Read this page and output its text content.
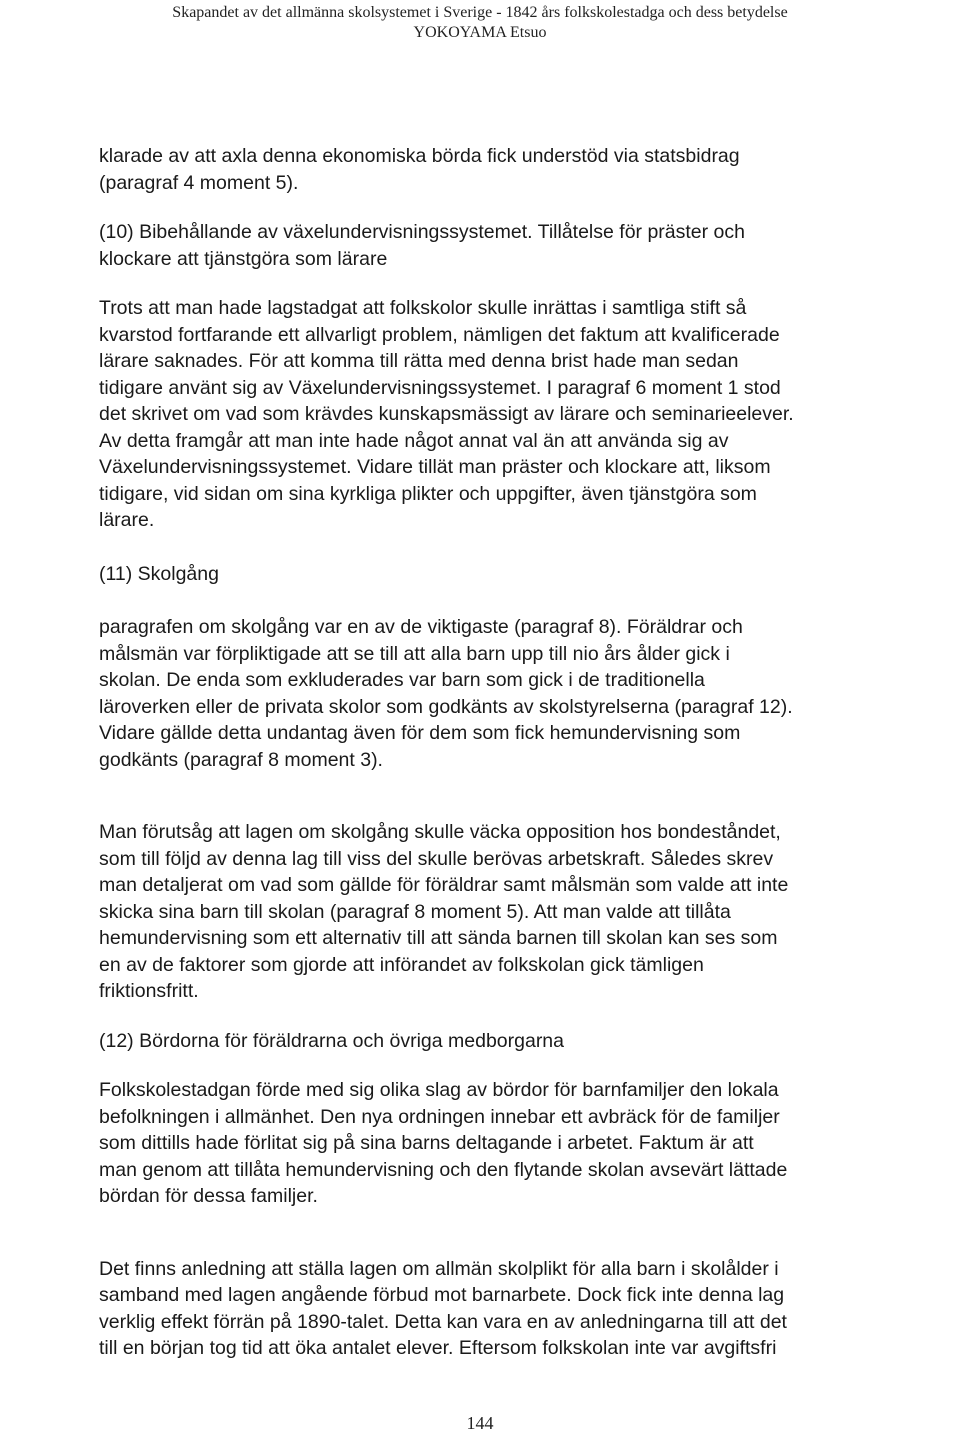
Skapandet av det allmänna skolsystemet i Sverige - 1842 års folkskolestadga och dess betydelse
YOKOYAMA Etsuo
klarade av att axla denna ekonomiska börda fick understöd via statsbidrag
(paragraf 4 moment 5).
(10) Bibehållande av växelundervisningssystemet. Tillåtelse för präster och
klockare att tjänstgöra som lärare
Trots att man hade lagstadgat att folkskolor skulle inrättas i samtliga stift så
kvarstod fortfarande ett allvarligt problem, nämligen det faktum att kvalificerade
lärare saknades. För att komma till rätta med denna brist hade man sedan
tidigare använt sig av Växelundervisningssystemet. I paragraf 6 moment 1 stod
det skrivet om vad som krävdes kunskapsmässigt av lärare och seminarieelever.
Av detta framgår att man inte hade något annat val än att använda sig av
Växelundervisningssystemet. Vidare tillät man präster och klockare att, liksom
tidigare, vid sidan om sina kyrkliga plikter och uppgifter, även tjänstgöra som
lärare.
(11) Skolgång
paragrafen om skolgång var en av de viktigaste (paragraf 8). Föräldrar och
målsmän var förpliktigade att se till att alla barn upp till nio års ålder gick i
skolan. De enda som exkluderades var barn som gick i de traditionella
läroverken eller de privata skolor som godkänts av skolstyrelserna (paragraf 12).
Vidare gällde detta undantag även för dem som fick hemundervisning som
godkänts (paragraf 8 moment 3).
Man förutsåg att lagen om skolgång skulle väcka opposition hos bondeståndet,
som till följd av denna lag till viss del skulle berövas arbetskraft. Således skrev
man detaljerat om vad som gällde för föräldrar samt målsmän som valde att inte
skicka sina barn till skolan (paragraf 8 moment 5). Att man valde att tillåta
hemundervisning som ett alternativ till att sända barnen till skolan kan ses som
en av de faktorer som gjorde att införandet av folkskolan gick tämligen
friktionsfritt.
(12) Bördorna för föräldrarna och övriga medborgarna
Folkskolestadgan förde med sig olika slag av bördor för barnfamiljer den lokala
befolkningen i allmänhet. Den nya ordningen innebar ett avbräck för de familjer
som dittills hade förlitat sig på sina barns deltagande i arbetet. Faktum är att
man genom att tillåta hemundervisning och den flytande skolan avsevärt lättade
bördan för dessa familjer.
Det finns anledning att ställa lagen om allmän skolplikt för alla barn i skolålder i
samband med lagen angående förbud mot barnarbete. Dock fick inte denna lag
verklig effekt förrän på 1890-talet. Detta kan vara en av anledningarna till att det
till en början tog tid att öka antalet elever. Eftersom folkskolan inte var avgiftsfri
144
